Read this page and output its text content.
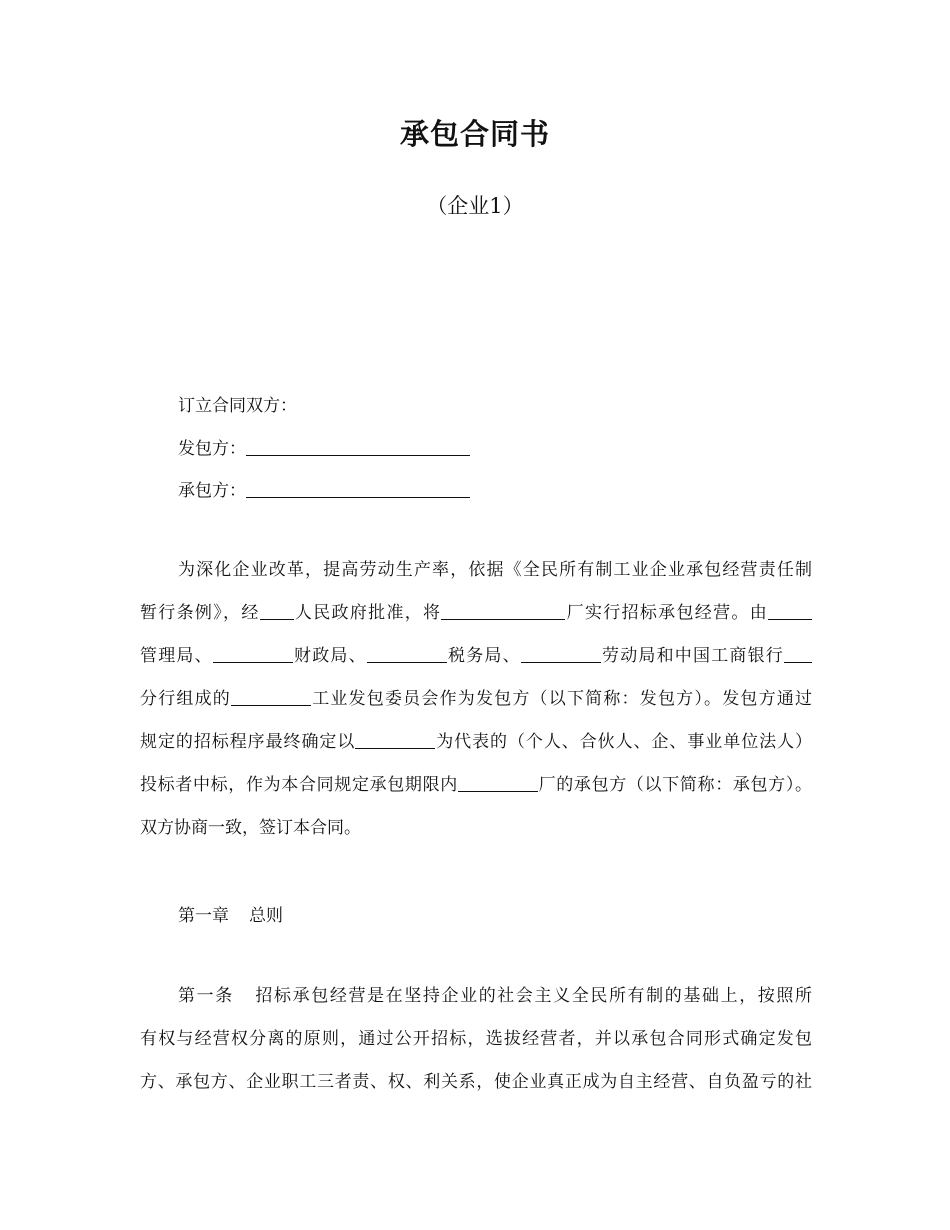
承包合同书
（企业1）
订立合同双方：
发包方：
承包方：
为深化企业改革，提高劳动生产率，依据《全民所有制工业企业承包经营责任制
暂行条例》，经 人民政府批准，将	厂实行招标承包经营。由
管理局、	财政局、	税务局、	劳动局和中国工商银行
分行组成的	工业发包委员会作为发包方（以下简称：发包方）。发包方通过
规定的招标程序最终确定以	为代表的（个人、合伙人、企、事业单位法人）
投标者中标，作为本合同规定承包期限内	厂的承包方（以下简称：承包方）。
双方协商一致，签订本合同。
第一章 总则
第一条 招标承包经营是在坚持企业的社会主义全民所有制的基础上，按照所
有权与经营权分离的原则，通过公开招标，选拔经营者，并以承包合同形式确定发包
方、承包方、企业职工三者责、权、利关系，使企业真正成为自主经营、自负盈亏的社
